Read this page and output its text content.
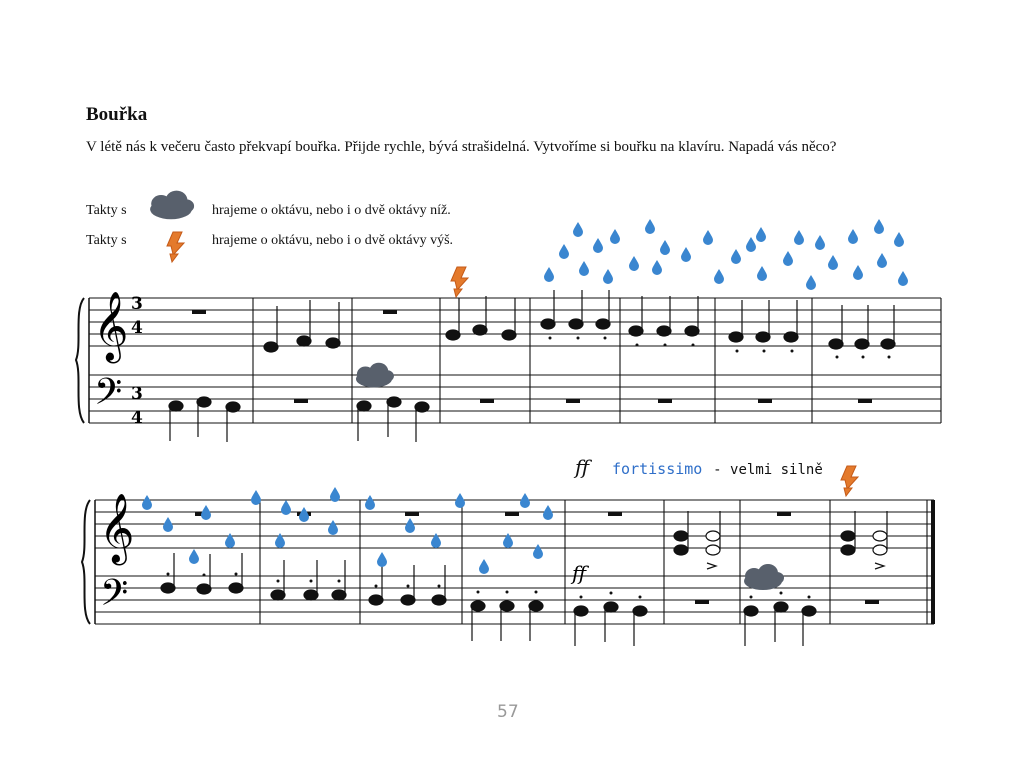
Bouřka
V létě nás k večeru často překvapí bouřka. Přijde rychle, bývá strašidelná. Vytvoříme si bouřku na klavíru. Napadá vás něco?
Takty s	hrajeme o oktávu, nebo i o dvě oktávy níž.
Takty s	hrajeme o oktávu, nebo i o dvě oktávy výš.
ff fortissimo - velmi silně
57
𝄞
𝄢
3
4
3
4
𝄞
𝄢	ff
